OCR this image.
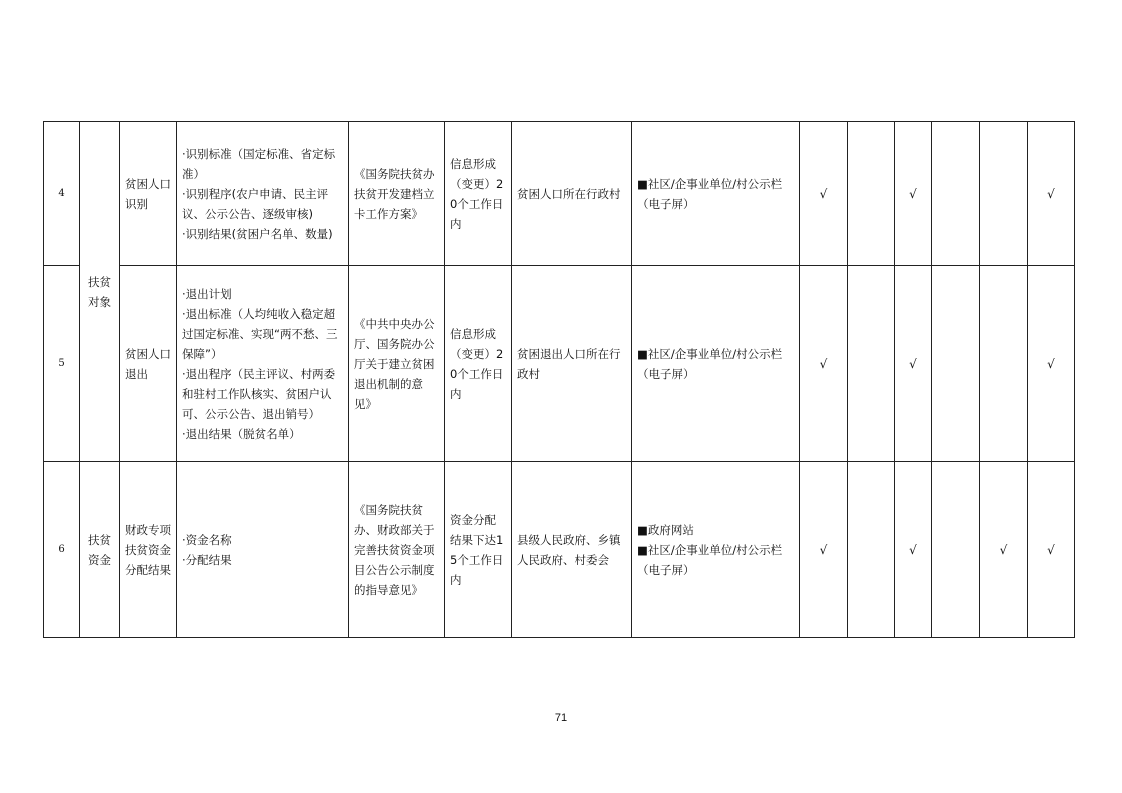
4	扶贫对象	贫困人口识别	·识别标准（国定标准、省定标准）
·识别程序(农户申请、民主评议、公示公告、逐级审核)
·识别结果(贫困户名单、数量)	《国务院扶贫办扶贫开发建档立卡工作方案》	信息形成（变更）20个工作日内	贫困人口所在行政村	■社区/企事业单位/村公示栏（电子屏）	√		√			√
5		贫困人口退出	·退出计划
·退出标准（人均纯收入稳定超过国定标准、实现“两不愁、三保障”）
·退出程序（民主评议、村两委和驻村工作队核实、贫困户认可、公示公告、退出销号）
·退出结果（脱贫名单）	《中共中央办公厅、国务院办公厅关于建立贫困退出机制的意见》	信息形成（变更）20个工作日内	贫困退出人口所在行政村	■社区/企事业单位/村公示栏（电子屏）	√		√			√
6	扶贫资金	财政专项扶贫资金分配结果	·资金名称
·分配结果	《国务院扶贫办、财政部关于完善扶贫资金项目公告公示制度的指导意见》	资金分配结果下达15个工作日内	县级人民政府、乡镇人民政府、村委会	■政府网站
■社区/企事业单位/村公示栏（电子屏）	√		√		√	√
71
